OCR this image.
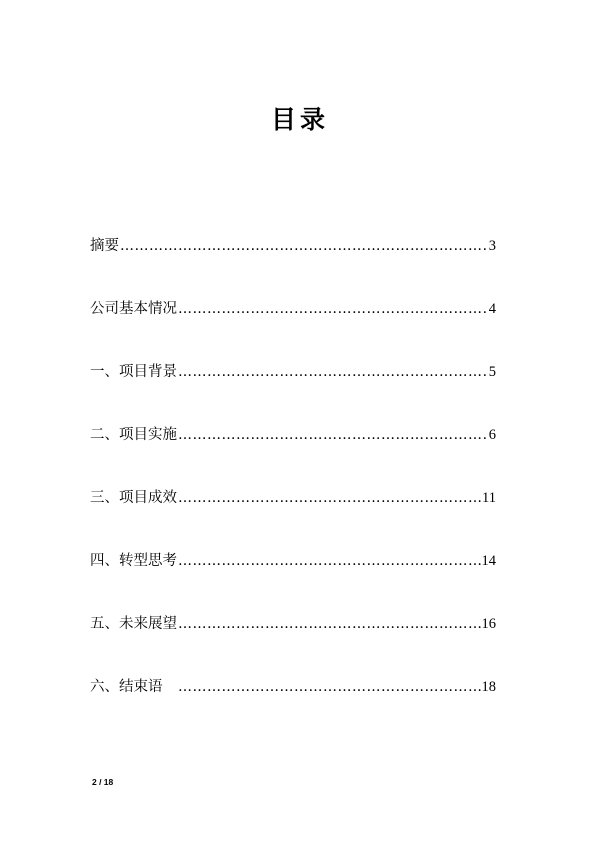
目录
摘要 …………………………………………………………………………………………………………………………………………………………………………	3
公司基本情况 …………………………………………………………………………………………………………………………………………………………………………	4
一、项目背景 …………………………………………………………………………………………………………………………………………………………………………	5
二、项目实施 …………………………………………………………………………………………………………………………………………………………………………	6
三、项目成效 …………………………………………………………………………………………………………………………………………………………………………	11
四、转型思考 …………………………………………………………………………………………………………………………………………………………………………	14
五、未来展望 …………………………………………………………………………………………………………………………………………………………………………	16
六、结束语　 …………………………………………………………………………………………………………………………………………………………………………	18
2 / 18
